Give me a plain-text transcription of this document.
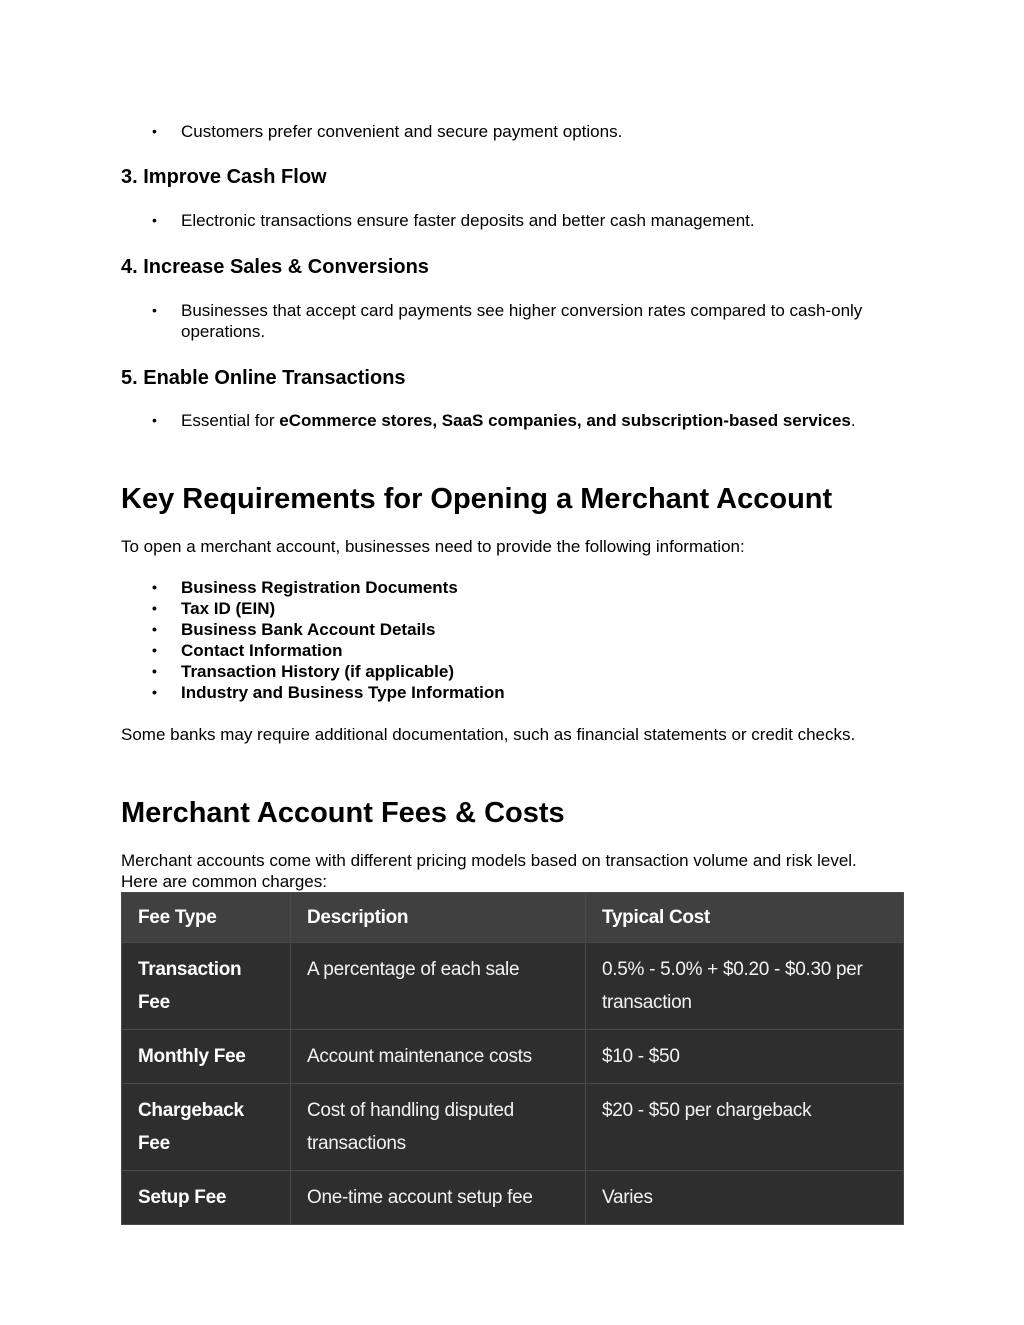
• Customers prefer convenient and secure payment options.
3. Improve Cash Flow
• Electronic transactions ensure faster deposits and better cash management.
4. Increase Sales & Conversions
• Businesses that accept card payments see higher conversion rates compared to cash-only operations.
5. Enable Online Transactions
• Essential for eCommerce stores, SaaS companies, and subscription-based services.
Key Requirements for Opening a Merchant Account

To open a merchant account, businesses need to provide the following information:

• Business Registration Documents
• Tax ID (EIN)
• Business Bank Account Details
• Contact Information
• Transaction History (if applicable)
• Industry and Business Type Information

Some banks may require additional documentation, such as financial statements or credit checks.

Merchant Account Fees & Costs

Merchant accounts come with different pricing models based on transaction volume and risk level. Here are common charges:

Fee Type	Description	Typical Cost
Transaction Fee	A percentage of each sale	0.5% - 5.0% + $0.20 - $0.30 per transaction
Monthly Fee	Account maintenance costs	$10 - $50
Chargeback Fee	Cost of handling disputed transactions	$20 - $50 per chargeback
Setup Fee	One-time account setup fee	Varies
